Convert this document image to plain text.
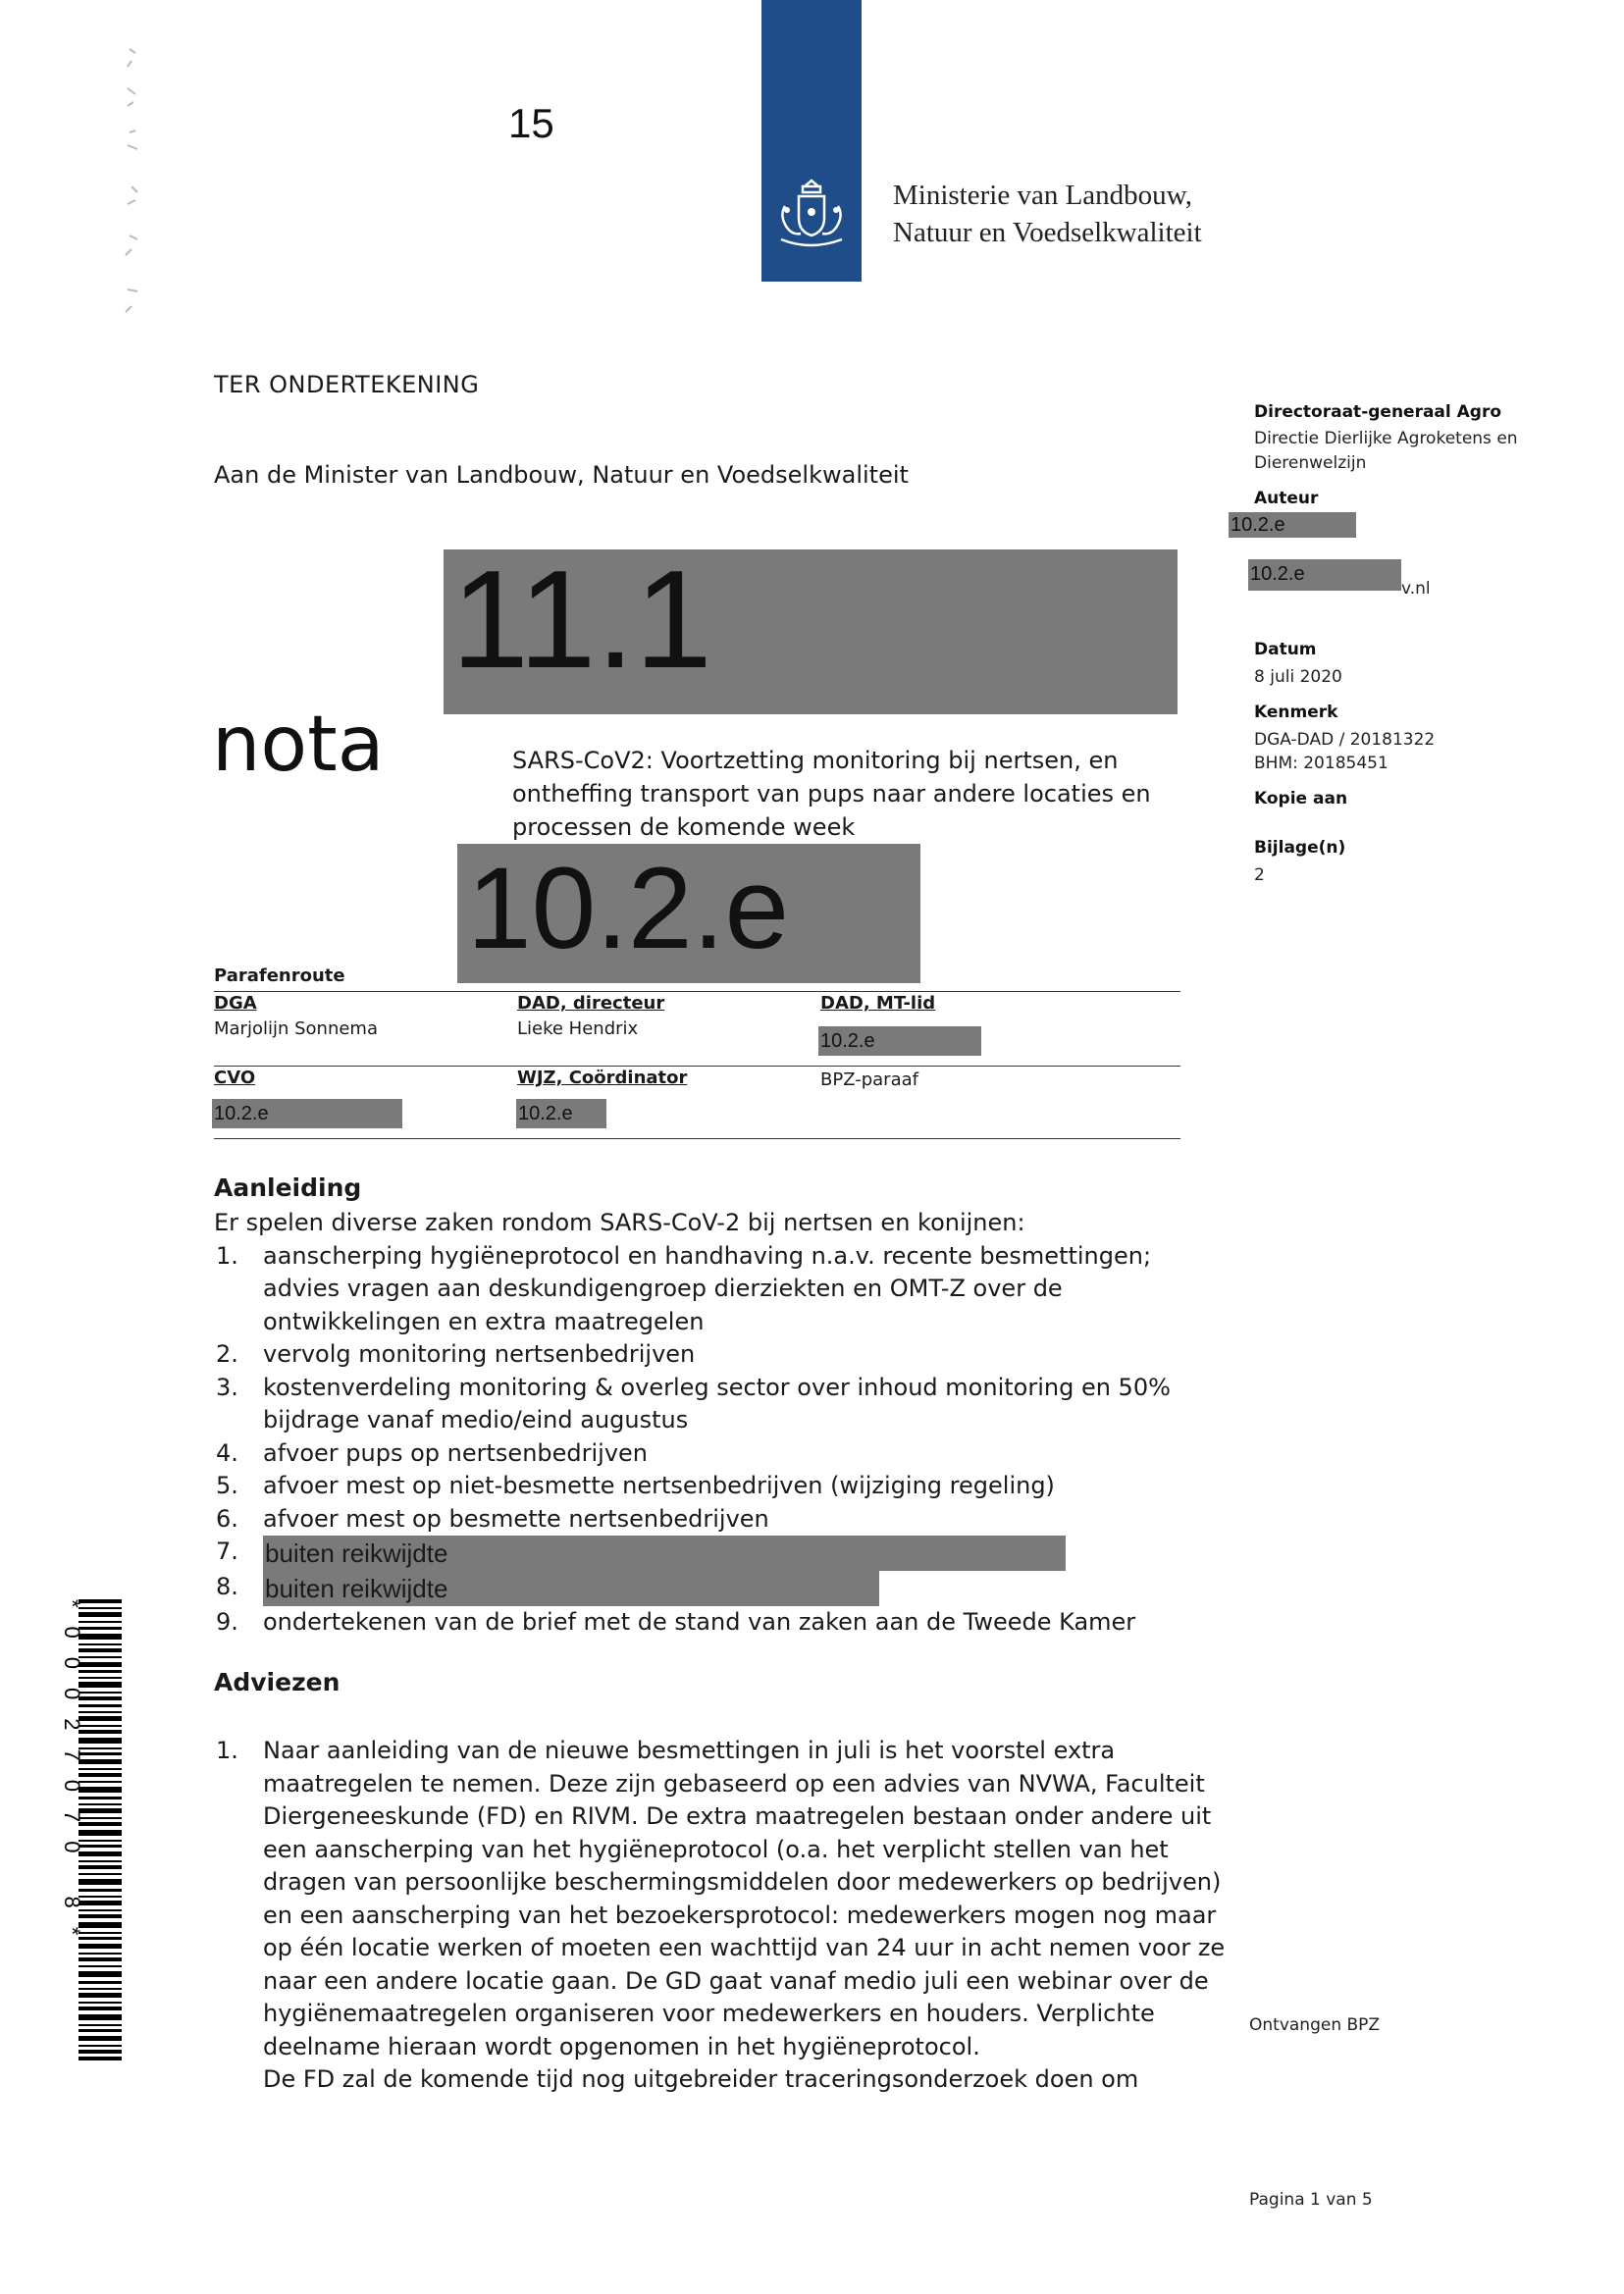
15
Ministerie van Landbouw,
Natuur en Voedselkwaliteit
Directoraat-generaal Agro
Directie Dierlijke Agroketens en Dierenwelzijn
Auteur
10.2.e
10.2.e
v.nl
Datum
8 juli 2020
Kenmerk
DGA-DAD / 20181322
BHM: 20185451
Kopie aan
Bijlage(n)
2
TER ONDERTEKENING
Aan de Minister van Landbouw, Natuur en Voedselkwaliteit
11.1
nota	SARS-CoV2: Voortzetting monitoring bij nertsen, en ontheffing transport van pups naar andere locaties en processen de komende week
10.2.e
Parafenroute
DGA
Marjolijn Sonnema
DAD, directeur
Lieke Hendrix
DAD, MT-lid
10.2.e
CVO
10.2.e
WJZ, Coördinator
10.2.e
BPZ-paraaf
Aanleiding
Er spelen diverse zaken rondom SARS-CoV-2 bij nertsen en konijnen:
1. aanscherping hygiëneprotocol en handhaving n.a.v. recente besmettingen; advies vragen aan deskundigengroep dierziekten en OMT-Z over de ontwikkelingen en extra maatregelen
2. vervolg monitoring nertsenbedrijven
3. kostenverdeling monitoring & overleg sector over inhoud monitoring en 50% bijdrage vanaf medio/eind augustus
4. afvoer pups op nertsenbedrijven
5. afvoer mest op niet-besmette nertsenbedrijven (wijziging regeling)
6. afvoer mest op besmette nertsenbedrijven
7. buiten reikwijdte
8. buiten reikwijdte
9. ondertekenen van de brief met de stand van zaken aan de Tweede Kamer
Adviezen
1. Naar aanleiding van de nieuwe besmettingen in juli is het voorstel extra maatregelen te nemen. Deze zijn gebaseerd op een advies van NVWA, Faculteit Diergeneeskunde (FD) en RIVM. De extra maatregelen bestaan onder andere uit een aanscherping van het hygiëneprotocol (o.a. het verplicht stellen van het dragen van persoonlijke beschermingsmiddelen door medewerkers op bedrijven) en een aanscherping van het bezoekersprotocol: medewerkers mogen nog maar op één locatie werken of moeten een wachttijd van 24 uur in acht nemen voor ze naar een andere locatie gaan. De GD gaat vanaf medio juli een webinar over de hygiënemaatregelen organiseren voor medewerkers en houders. Verplichte deelname hieraan wordt opgenomen in het hygiëneprotocol.
De FD zal de komende tijd nog uitgebreider traceringsonderzoek doen om
Ontvangen BPZ
Pagina 1 van 5
*00027070 8*
